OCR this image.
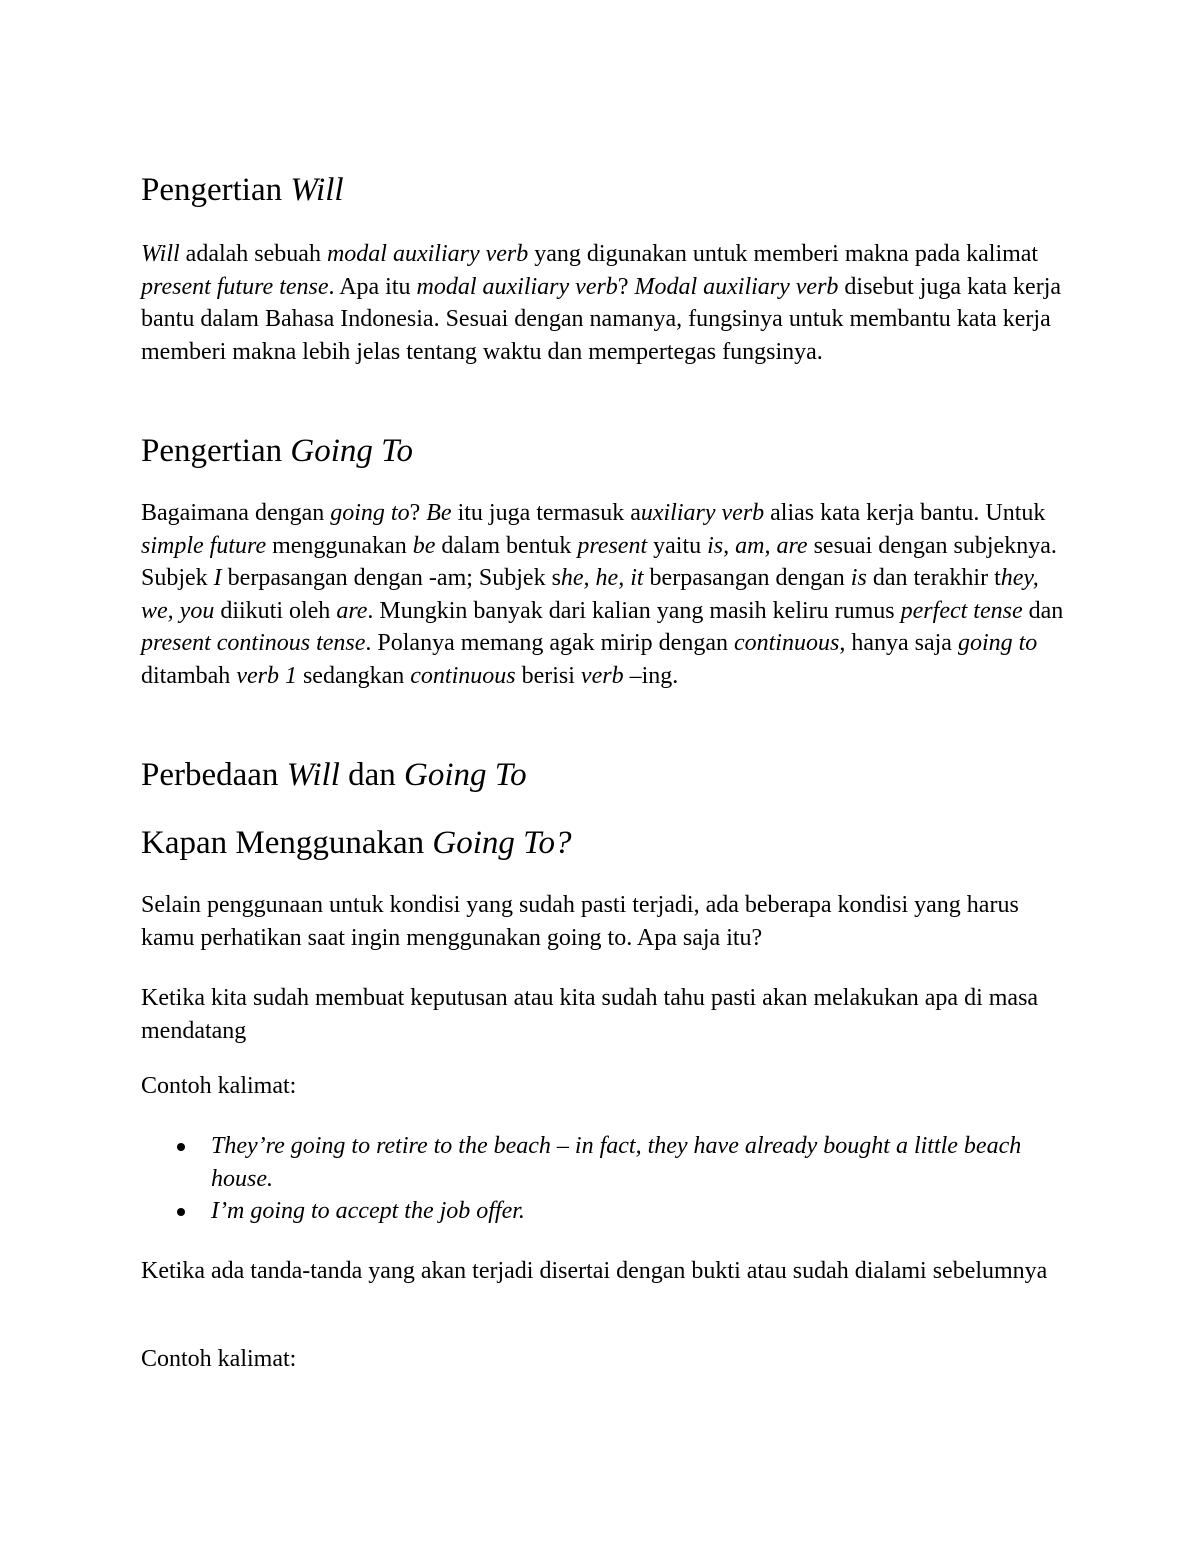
Pengertian Will

Will adalah sebuah modal auxiliary verb yang digunakan untuk memberi makna pada kalimat present future tense. Apa itu modal auxiliary verb? Modal auxiliary verb disebut juga kata kerja bantu dalam Bahasa Indonesia. Sesuai dengan namanya, fungsinya untuk membantu kata kerja memberi makna lebih jelas tentang waktu dan mempertegas fungsinya.

Pengertian Going To

Bagaimana dengan going to? Be itu juga termasuk auxiliary verb alias kata kerja bantu. Untuk simple future menggunakan be dalam bentuk present yaitu is, am, are sesuai dengan subjeknya. Subjek I berpasangan dengan -am; Subjek she, he, it berpasangan dengan is dan terakhir they, we, you diikuti oleh are. Mungkin banyak dari kalian yang masih keliru rumus perfect tense dan present continous tense. Polanya memang agak mirip dengan continuous, hanya saja going to ditambah verb 1 sedangkan continuous berisi verb –ing.

Perbedaan Will dan Going To
Kapan Menggunakan Going To?

Selain penggunaan untuk kondisi yang sudah pasti terjadi, ada beberapa kondisi yang harus kamu perhatikan saat ingin menggunakan going to. Apa saja itu?

Ketika kita sudah membuat keputusan atau kita sudah tahu pasti akan melakukan apa di masa mendatang

Contoh kalimat:

They’re going to retire to the beach – in fact, they have already bought a little beach house.
I’m going to accept the job offer.

Ketika ada tanda-tanda yang akan terjadi disertai dengan bukti atau sudah dialami sebelumnya

Contoh kalimat:
